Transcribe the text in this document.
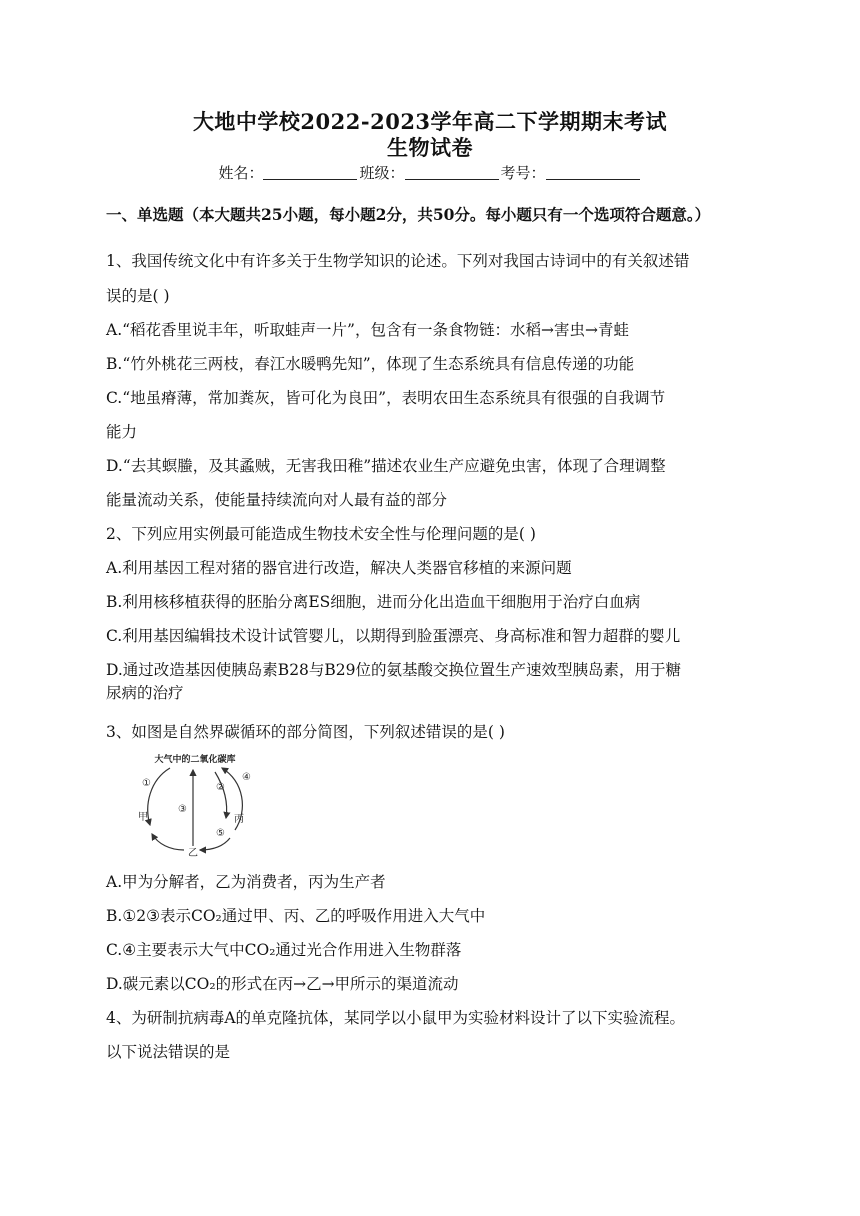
大地中学校2022-2023学年高二下学期期末考试
生物试卷
姓名：	班级：	考号：
一、单选题（本大题共25小题，每小题2分，共50分。每小题只有一个选项符合题意。）
1、我国传统文化中有许多关于生物学知识的论述。下列对我国古诗词中的有关叙述错
误的是( )
A.“稻花香里说丰年，听取蛙声一片”，包含有一条食物链：水稻→害虫→青蛙
B.“竹外桃花三两枝，春江水暖鸭先知”，体现了生态系统具有信息传递的功能
C.“地虽瘠薄，常加粪灰，皆可化为良田”，表明农田生态系统具有很强的自我调节
能力
D.“去其螟螣，及其蟊贼，无害我田稚”描述农业生产应避免虫害，体现了合理调整
能量流动关系，使能量持续流向对人最有益的部分
2、下列应用实例最可能造成生物技术安全性与伦理问题的是( )
A.利用基因工程对猪的器官进行改造，解决人类器官移植的来源问题
B.利用核移植获得的胚胎分离ES细胞，进而分化出造血干细胞用于治疗白血病
C.利用基因编辑技术设计试管婴儿，以期得到脸蛋漂亮、身高标准和智力超群的婴儿
D.通过改造基因使胰岛素B28与B29位的氨基酸交换位置生产速效型胰岛素，用于糖
尿病的治疗
3、如图是自然界碳循环的部分简图，下列叙述错误的是( )
大气中的二氧化碳库
甲
乙
丙
①	②
③
④
⑤
A.甲为分解者，乙为消费者，丙为生产者
B.①2③表示CO₂通过甲、丙、乙的呼吸作用进入大气中
C.④主要表示大气中CO₂通过光合作用进入生物群落
D.碳元素以CO₂的形式在丙→乙→甲所示的渠道流动
4、为研制抗病毒A的单克隆抗体，某同学以小鼠甲为实验材料设计了以下实验流程。
以下说法错误的是
